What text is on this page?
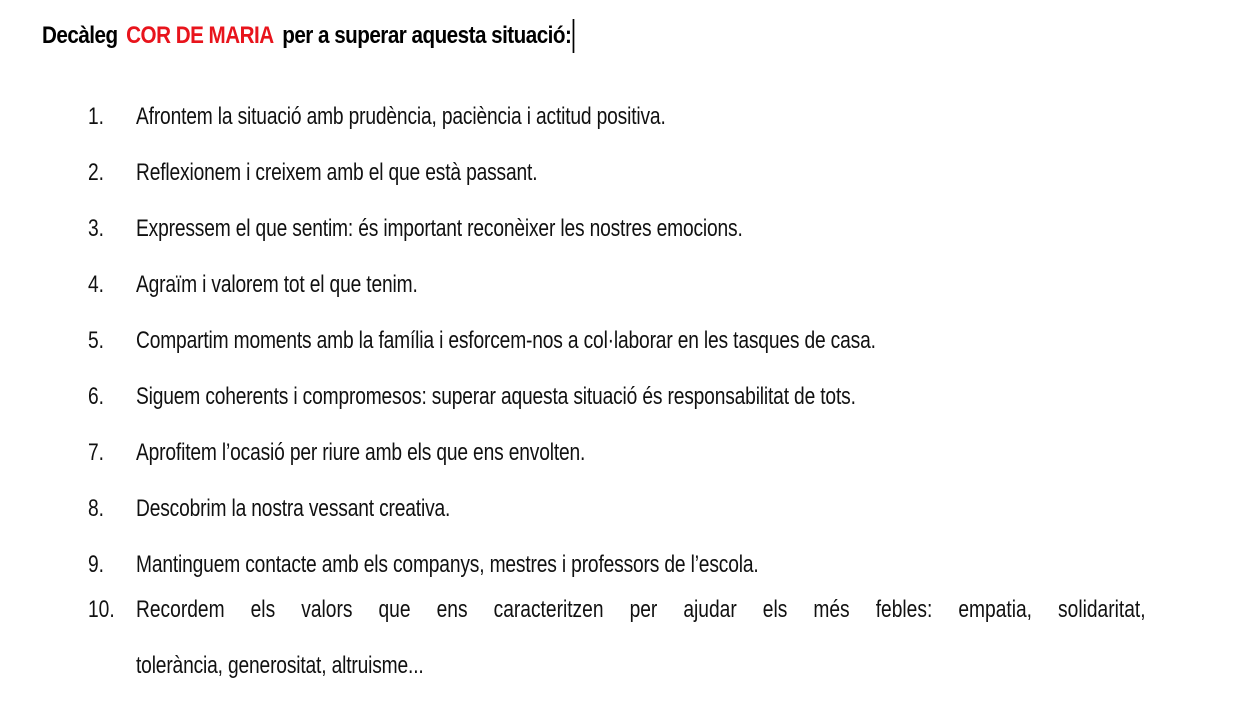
Decàleg COR DE MARIA per a superar aquesta situació:
1.	Afrontem la situació amb prudència, paciència i actitud positiva.
2.	Reflexionem i creixem amb el que està passant.
3.	Expressem el que sentim: és important reconèixer les nostres emocions.
4.	Agraïm i valorem tot el que tenim.
5.	Compartim moments amb la família i esforcem-nos a col·laborar en les tasques de casa.
6.	Siguem coherents i compromesos: superar aquesta situació és responsabilitat de tots.
7.	Aprofitem l’ocasió per riure amb els que ens envolten.
8.	Descobrim la nostra vessant creativa.
9.	Mantinguem contacte amb els companys, mestres i professors de l’escola.
10. Recordem els valors que ens caracteritzen per ajudar els més febles: empatia, solidaritat,
tolerància, generositat, altruisme...
